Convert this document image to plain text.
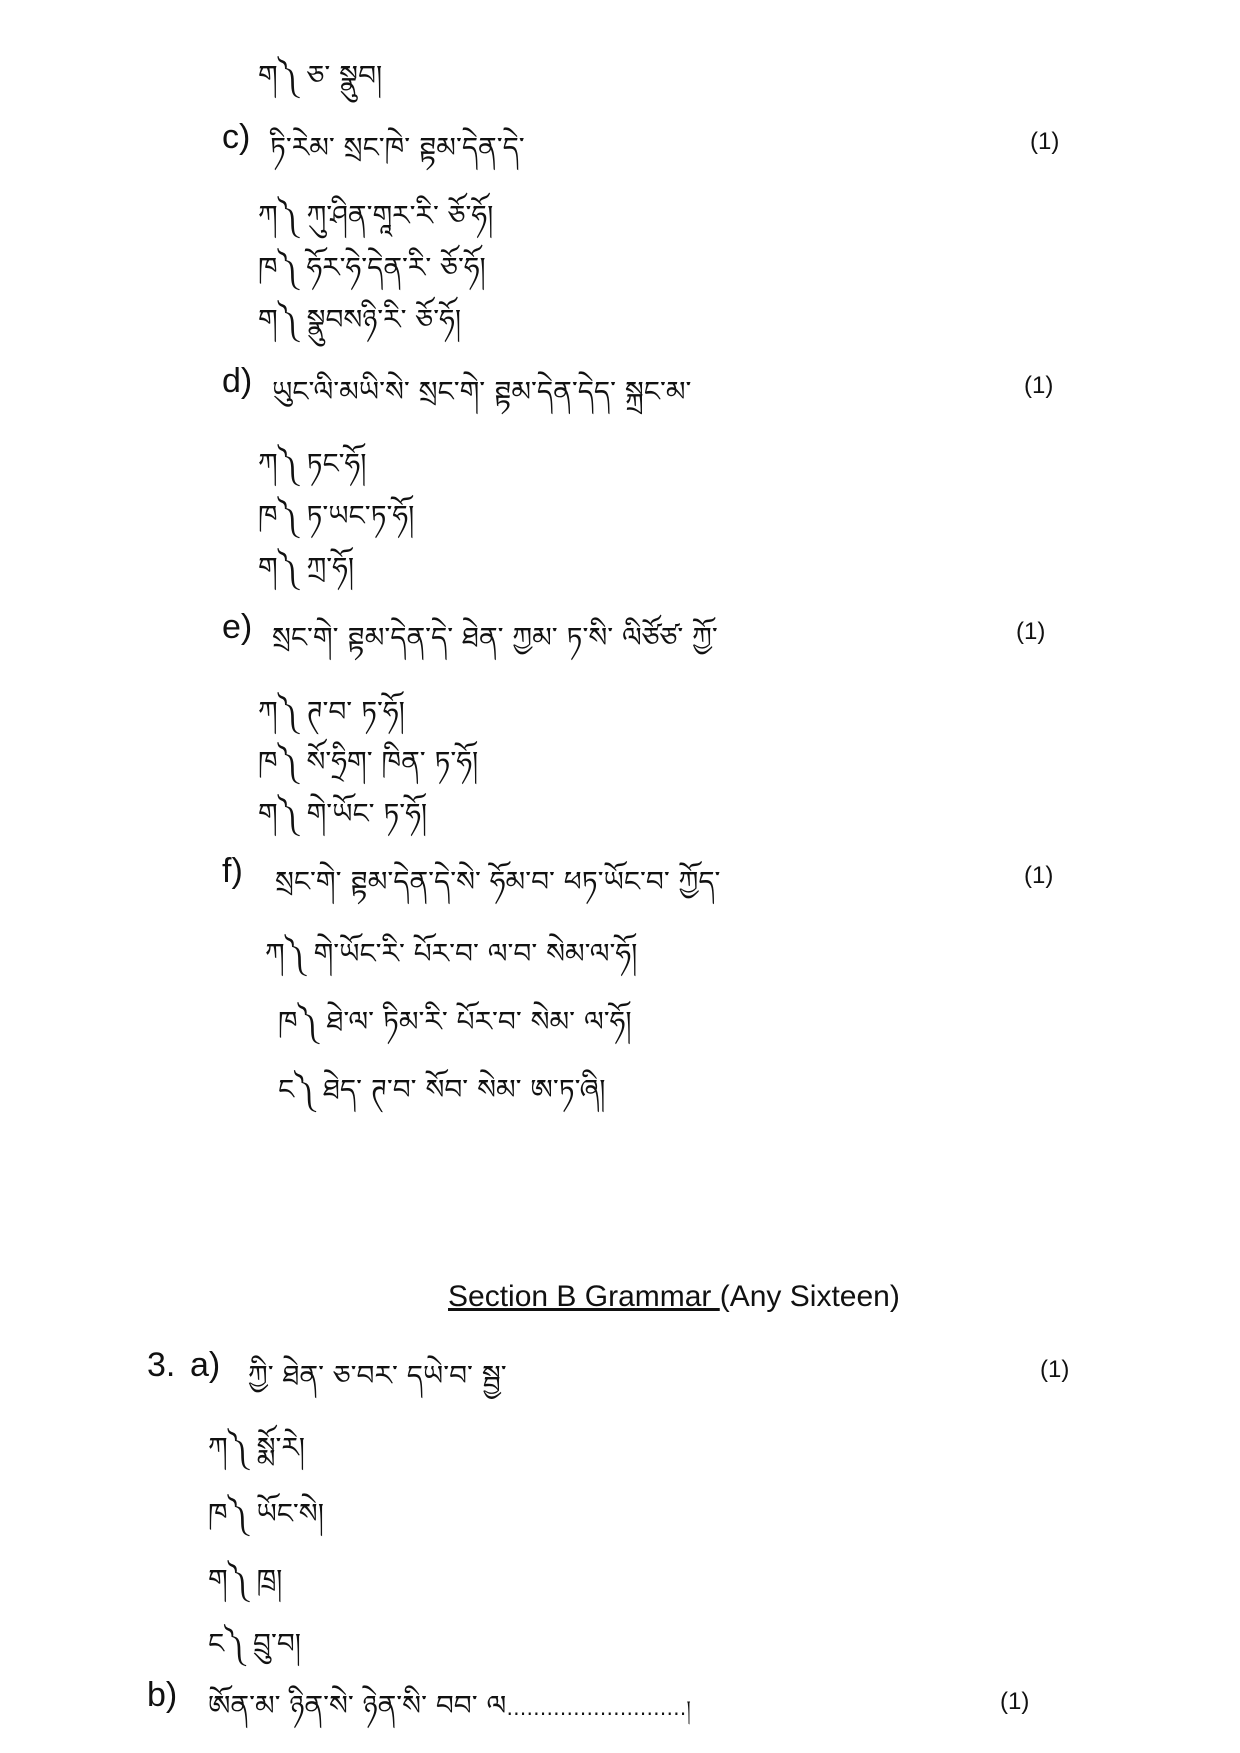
ག༽ ཅ་ སྣུབ།
c) ཏི་རེམ་ སྲང་ཁེ་ ཊྟམ་དེན་དེ་	(1)
ཀ༽ ཀུ་ཤིན་གཱར་རི་ ཅོ་ཧོ།
ཁ༽ ཧོར་ཧེ་དེན་རི་ ཅོ་ཧོ།
ག༽ སྣུབསཉི་རི་ ཅོ་ཧོ།
d) ཡུང་ལི་མཡི་སེ་ སྲང་གེ་ ཊྟམ་དེན་དེད་ སྐྲང་མ་	(1)
ཀ༽ ཏང་ཧོ།
ཁ༽ ཏ་ཡང་ཏ་ཧོ།
ག༽ ཀྲ་ཧོ།
e) སྲང་གེ་ ཊྟམ་དེན་དེ་ ཐེན་ ཀྱམ་ ཏ་སི་ ལིཙོཙ་ ཀྱོ་	(1)
ཀ༽ ཊ་བ་ ཏ་ཧོ།
ཁ༽ སོ་ཧྲིག་ ཁིན་ ཏ་ཧོ།
ག༽ གེ་ཡོང་ ཏ་ཧོ།
f) སྲང་གེ་ ཊྟམ་དེན་དེ་སེ་ ཧོམ་བ་ ཕཏ་ཡོང་བ་ ཀྱོད་	(1)
ཀ༽ གེ་ཡོང་རི་ པོར་བ་ ལ་བ་ སེམ་ལ་ཧོ།
ཁ༽ ཐེ་ལ་ ཏིམ་རི་ པོར་བ་ སེམ་ ལ་ཧོ།
ང༽ ཐེད་ ཊ་བ་ སོབ་ སེམ་ ཨ་ཏ་ཞི།
Section B Grammar (Any Sixteen)
3. a) ཀྱི་ ཐེན་ ཅ་བར་ དཡེ་བ་ སྦྱ་	(1)
ཀ༽ སྨོ་རེ།
ཁ༽ ཡོང་སེ།
ག༽ ཁྲ།
ང༽ བྲུ་བ།
b) ཨོན་མ་ ཉིན་སེ་ ཉེན་སི་ བབ་ ལ………………………།	(1)
